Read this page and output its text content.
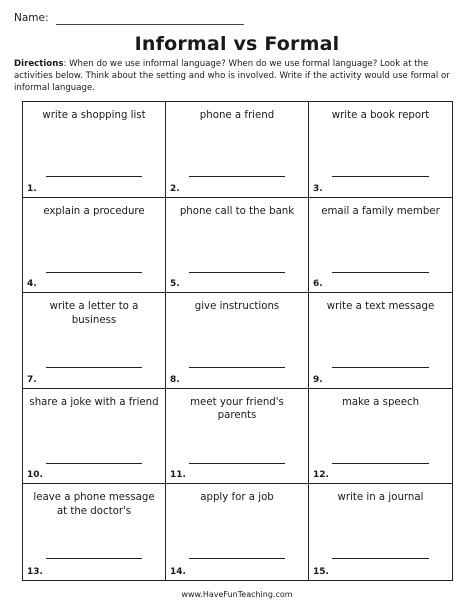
Name:
Informal vs Formal
Directions: When do we use informal language? When do we use formal language? Look at the activities below. Think about the setting and who is involved. Write if the activity would use formal or informal language.
write a shopping list
1.
phone a friend
2.
write a book report
3.
explain a procedure
4.
phone call to the bank
5.
email a family member
6.
write a letter to a business
7.
give instructions
8.
write a text message
9.
share a joke with a friend
10.
meet your friend's parents
11.
make a speech
12.
leave a phone message at the doctor's
13.
apply for a job
14.
write in a journal
15.
www.HaveFunTeaching.com
